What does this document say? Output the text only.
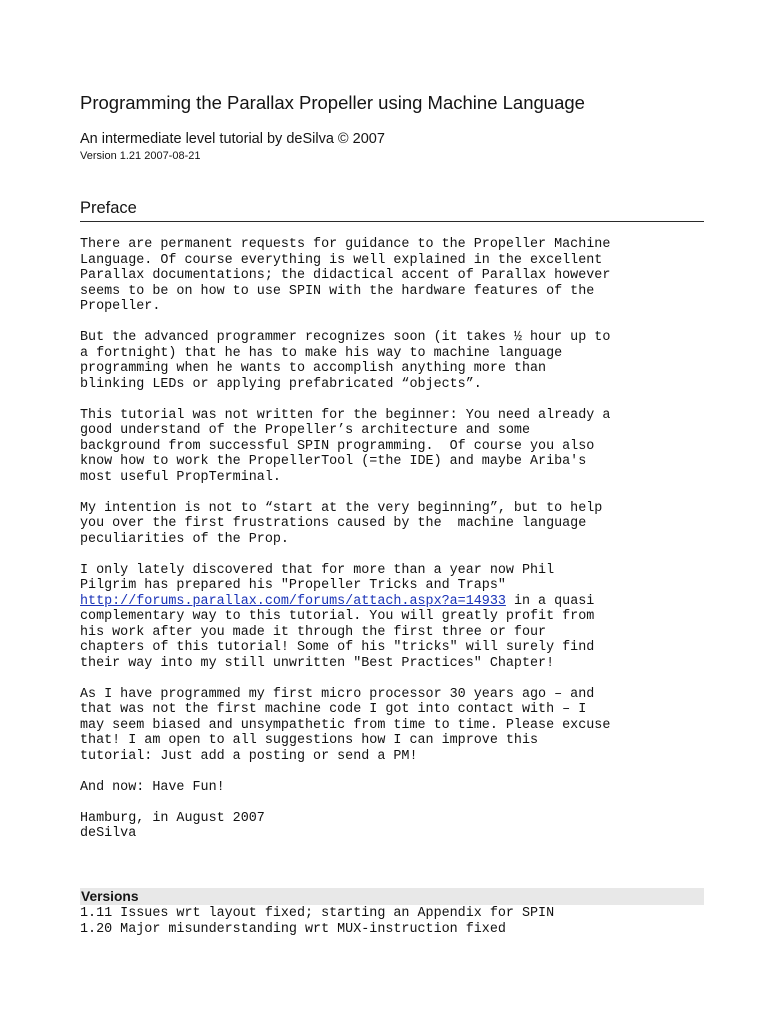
Programming the Parallax Propeller using Machine Language
An intermediate level tutorial by deSilva © 2007
Version 1.21 2007-08-21
Preface

There are permanent requests for guidance to the Propeller Machine
Language. Of course everything is well explained in the excellent
Parallax documentations; the didactical accent of Parallax however
seems to be on how to use SPIN with the hardware features of the
Propeller.

But the advanced programmer recognizes soon (it takes ½ hour up to
a fortnight) that he has to make his way to machine language
programming when he wants to accomplish anything more than
blinking LEDs or applying prefabricated “objects”.

This tutorial was not written for the beginner: You need already a
good understand of the Propeller’s architecture and some
background from successful SPIN programming.  Of course you also
know how to work the PropellerTool (=the IDE) and maybe Ariba's
most useful PropTerminal.

My intention is not to “start at the very beginning”, but to help
you over the first frustrations caused by the  machine language
peculiarities of the Prop.

I only lately discovered that for more than a year now Phil
Pilgrim has prepared his "Propeller Tricks and Traps"
http://forums.parallax.com/forums/attach.aspx?a=14933 in a quasi
complementary way to this tutorial. You will greatly profit from
his work after you made it through the first three or four
chapters of this tutorial! Some of his "tricks" will surely find
their way into my still unwritten "Best Practices" Chapter!

As I have programmed my first micro processor 30 years ago – and
that was not the first machine code I got into contact with – I
may seem biased and unsympathetic from time to time. Please excuse
that! I am open to all suggestions how I can improve this
tutorial: Just add a posting or send a PM!

And now: Have Fun!

Hamburg, in August 2007
deSilva

Versions
1.11 Issues wrt layout fixed; starting an Appendix for SPIN
1.20 Major misunderstanding wrt MUX-instruction fixed
